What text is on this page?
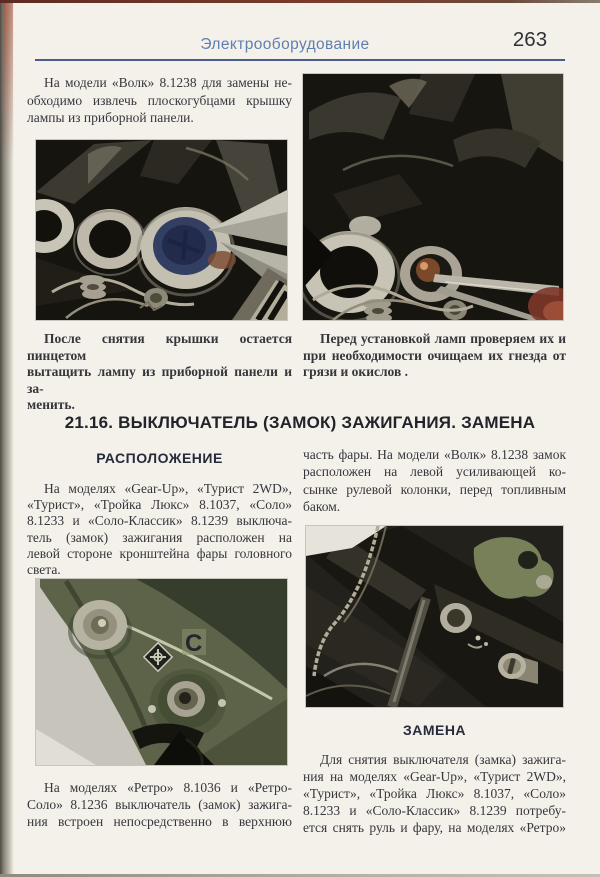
Электрооборудование	263
На модели «Волк» 8.1238 для замены не-
обходимо извлечь плоскогубцами крышку
лампы из приборной панели.
После снятия крышки остается пинцетом
вытащить лампу из приборной панели и за-
менить.
Перед установкой ламп проверяем их и
при необходимости очищаем их гнезда от
грязи и окислов .
21.16. ВЫКЛЮЧАТЕЛЬ (ЗАМОК) ЗАЖИГАНИЯ. ЗАМЕНА
РАСПОЛОЖЕНИЕ
На моделях «Gear-Up», «Турист 2WD»,
«Турист», «Тройка Люкс» 8.1037, «Соло»
8.1233 и «Соло-Классик» 8.1239 выключа-
тель (замок) зажигания расположен на
левой стороне кронштейна фары головного
света.
часть фары. На модели «Волк» 8.1238 замок
расположен на левой усиливающей ко-
сынке рулевой колонки, перед топливным
баком.
C
ЗАМЕНА
Для снятия выключателя (замка) зажига-
ния на моделях «Gear-Up», «Турист 2WD»,
«Турист», «Тройка Люкс» 8.1037, «Соло»
8.1233 и «Соло-Классик» 8.1239 потребу-
ется снять руль и фару, на моделях «Ретро»
На моделях «Ретро» 8.1036 и «Ретро-
Соло» 8.1236 выключатель (замок) зажига-
ния встроен непосредственно в верхнюю
